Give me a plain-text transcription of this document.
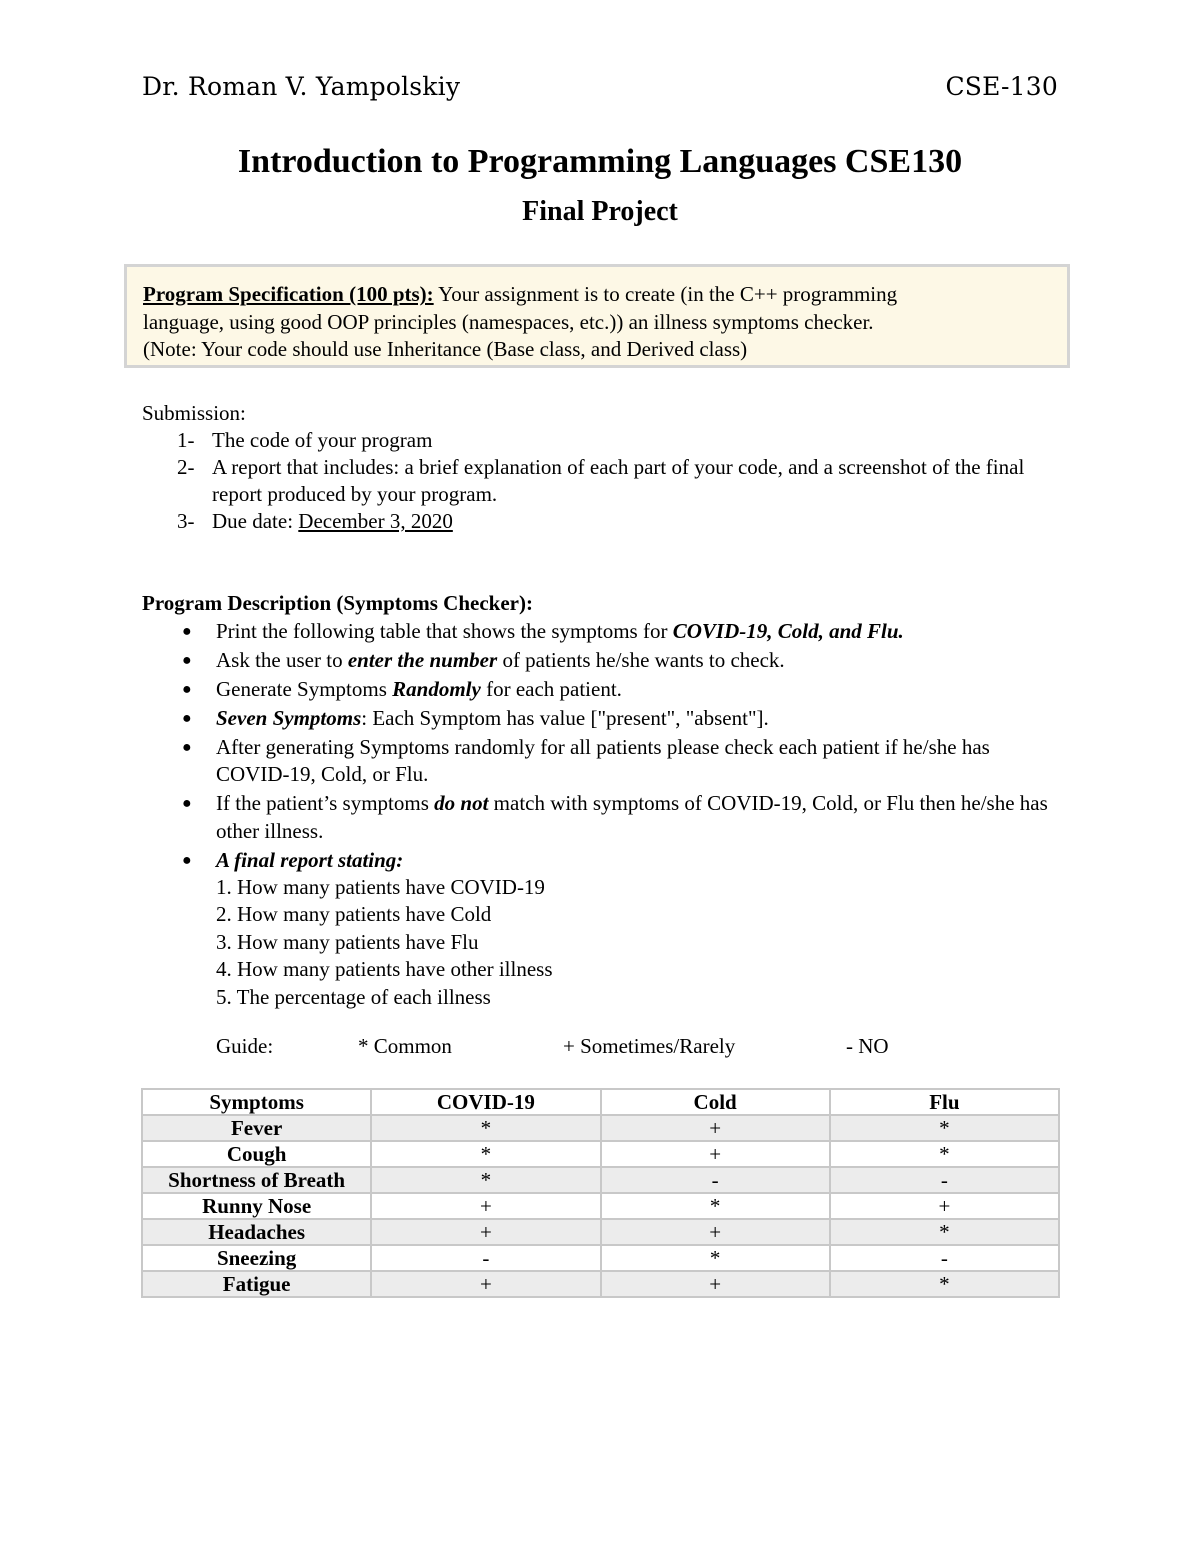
Dr. Roman V. Yampolskiy	CSE-130
Introduction to Programming Languages CSE130
Final Project
Program Specification (100 pts): Your assignment is to create (in the C++ programming
language, using good OOP principles (namespaces, etc.)) an illness symptoms checker.
(Note: Your code should use Inheritance (Base class, and Derived class)
Submission:
1- The code of your program
2- A report that includes: a brief explanation of each part of your code, and a screenshot of the final report produced by your program.
3- Due date: December 3, 2020
Program Description (Symptoms Checker):
● Print the following table that shows the symptoms for COVID-19, Cold, and Flu.
● Ask the user to enter the number of patients he/she wants to check.
● Generate Symptoms Randomly for each patient.
● Seven Symptoms: Each Symptom has value ["present", "absent"].
● After generating Symptoms randomly for all patients please check each patient if he/she has COVID-19, Cold, or Flu.
● If the patient’s symptoms do not match with symptoms of COVID-19, Cold, or Flu then he/she has other illness.
● A final report stating:
1. How many patients have COVID-19
2. How many patients have Cold
3. How many patients have Flu
4. How many patients have other illness
5. The percentage of each illness
Guide:	* Common	+ Sometimes/Rarely	- NO
Symptoms	COVID-19	Cold	Flu
Fever	*	+	*
Cough	*	+	*
Shortness of Breath	*	-	-
Runny Nose	+	*	+
Headaches	+	+	*
Sneezing	-	*	-
Fatigue	+	+	*
